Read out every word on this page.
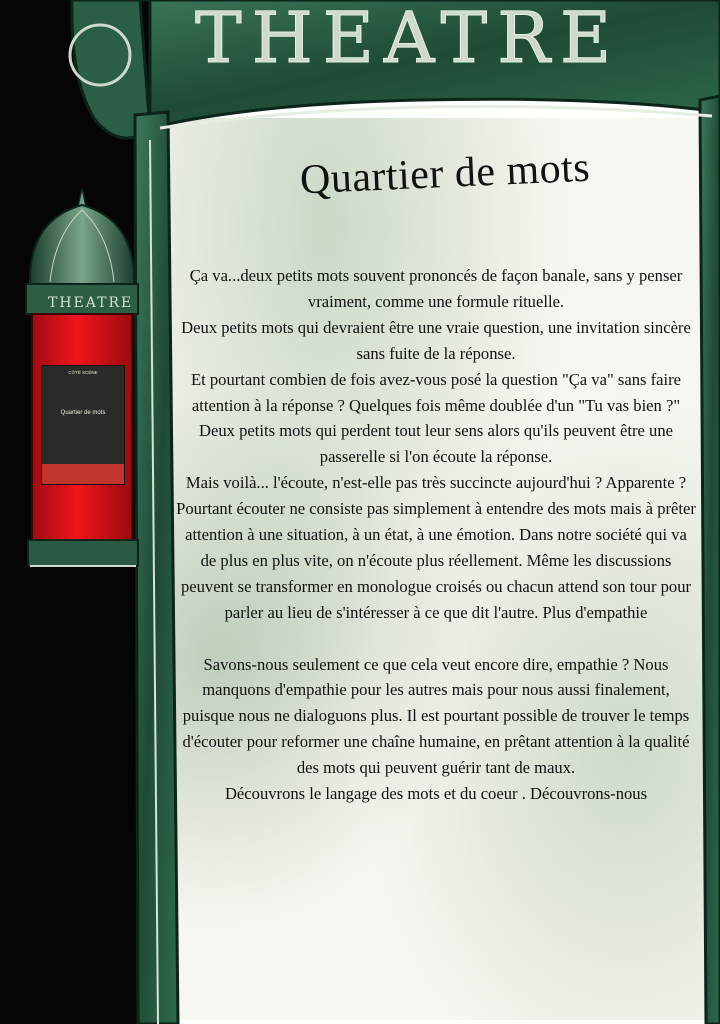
THEATRE
THEATRE
CÔTÉ SCÈNE
Quartier de mots
Quartier de mots

Ça va...deux petits mots souvent prononcés de façon banale, sans y penser vraiment, comme une formule rituelle.

Deux petits mots qui devraient être une vraie question, une invitation sincère sans fuite de la réponse.

Et pourtant combien de fois avez-vous posé la question "Ça va" sans faire attention à la réponse ? Quelques fois même doublée d'un "Tu vas bien ?"

Deux petits mots qui perdent tout leur sens alors qu'ils peuvent être une passerelle si l'on écoute la réponse.

Mais voilà... l'écoute, n'est-elle pas très succincte aujourd'hui ? Apparente ?

Pourtant écouter ne consiste pas simplement à entendre des mots mais à prêter attention à une situation, à un état, à une émotion. Dans notre société qui va de plus en plus vite, on n'écoute plus réellement. Même les discussions peuvent se transformer en monologue croisés ou chacun attend son tour pour parler au lieu de s'intéresser à ce que dit l'autre. Plus d'empathie

Savons-nous seulement ce que cela veut encore dire, empathie ? Nous manquons d'empathie pour les autres mais pour nous aussi finalement, puisque nous ne dialoguons plus. Il est pourtant possible de trouver le temps d'écouter pour reformer une chaîne humaine, en prêtant attention à la qualité des mots qui peuvent guérir tant de maux.

Découvrons le langage des mots et du coeur . Découvrons-nous
